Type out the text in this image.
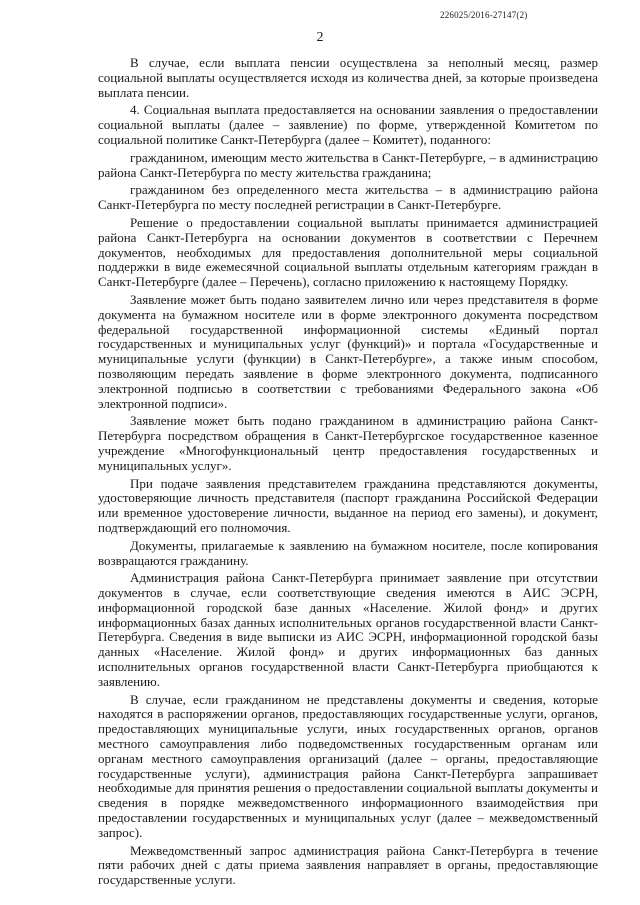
226025/2016-27147(2)
2

В случае, если выплата пенсии осуществлена за неполный месяц, размер социальной выплаты осуществляется исходя из количества дней, за которые произведена выплата пенсии.

4. Социальная выплата предоставляется на основании заявления о предоставлении социальной выплаты (далее – заявление) по форме, утвержденной Комитетом по социальной политике Санкт-Петербурга (далее – Комитет), поданного:

гражданином, имеющим место жительства в Санкт-Петербурге, – в администрацию района Санкт-Петербурга по месту жительства гражданина;

гражданином без определенного места жительства – в администрацию района Санкт-Петербурга по месту последней регистрации в Санкт-Петербурге.

Решение о предоставлении социальной выплаты принимается администрацией района Санкт-Петербурга на основании документов в соответствии с Перечнем документов, необходимых для предоставления дополнительной меры социальной поддержки в виде ежемесячной социальной выплаты отдельным категориям граждан в Санкт-Петербурге (далее – Перечень), согласно приложению к настоящему Порядку.

Заявление может быть подано заявителем лично или через представителя в форме документа на бумажном носителе или в форме электронного документа посредством федеральной государственной информационной системы «Единый портал государственных и муниципальных услуг (функций)» и портала «Государственные и муниципальные услуги (функции) в Санкт-Петербурге», а также иным способом, позволяющим передать заявление в форме электронного документа, подписанного электронной подписью в соответствии с требованиями Федерального закона «Об электронной подписи».

Заявление может быть подано гражданином в администрацию района Санкт-Петербурга посредством обращения в Санкт-Петербургское государственное казенное учреждение «Многофункциональный центр предоставления государственных и муниципальных услуг».

При подаче заявления представителем гражданина представляются документы, удостоверяющие личность представителя (паспорт гражданина Российской Федерации или временное удостоверение личности, выданное на период его замены), и документ, подтверждающий его полномочия.

Документы, прилагаемые к заявлению на бумажном носителе, после копирования возвращаются гражданину.

Администрация района Санкт-Петербурга принимает заявление при отсутствии документов в случае, если соответствующие сведения имеются в АИС ЭСРН, информационной городской базе данных «Население. Жилой фонд» и других информационных базах данных исполнительных органов государственной власти Санкт-Петербурга. Сведения в виде выписки из АИС ЭСРН, информационной городской базы данных «Население. Жилой фонд» и других информационных баз данных исполнительных органов государственной власти Санкт-Петербурга приобщаются к заявлению.

В случае, если гражданином не представлены документы и сведения, которые находятся в распоряжении органов, предоставляющих государственные услуги, органов, предоставляющих муниципальные услуги, иных государственных органов, органов местного самоуправления либо подведомственных государственным органам или органам местного самоуправления организаций (далее – органы, предоставляющие государственные услуги), администрация района Санкт-Петербурга запрашивает необходимые для принятия решения о предоставлении социальной выплаты документы и сведения в порядке межведомственного информационного взаимодействия при предоставлении государственных и муниципальных услуг (далее – межведомственный запрос).

Межведомственный запрос администрация района Санкт-Петербурга в течение пяти рабочих дней с даты приема заявления направляет в органы, предоставляющие государственные услуги.
